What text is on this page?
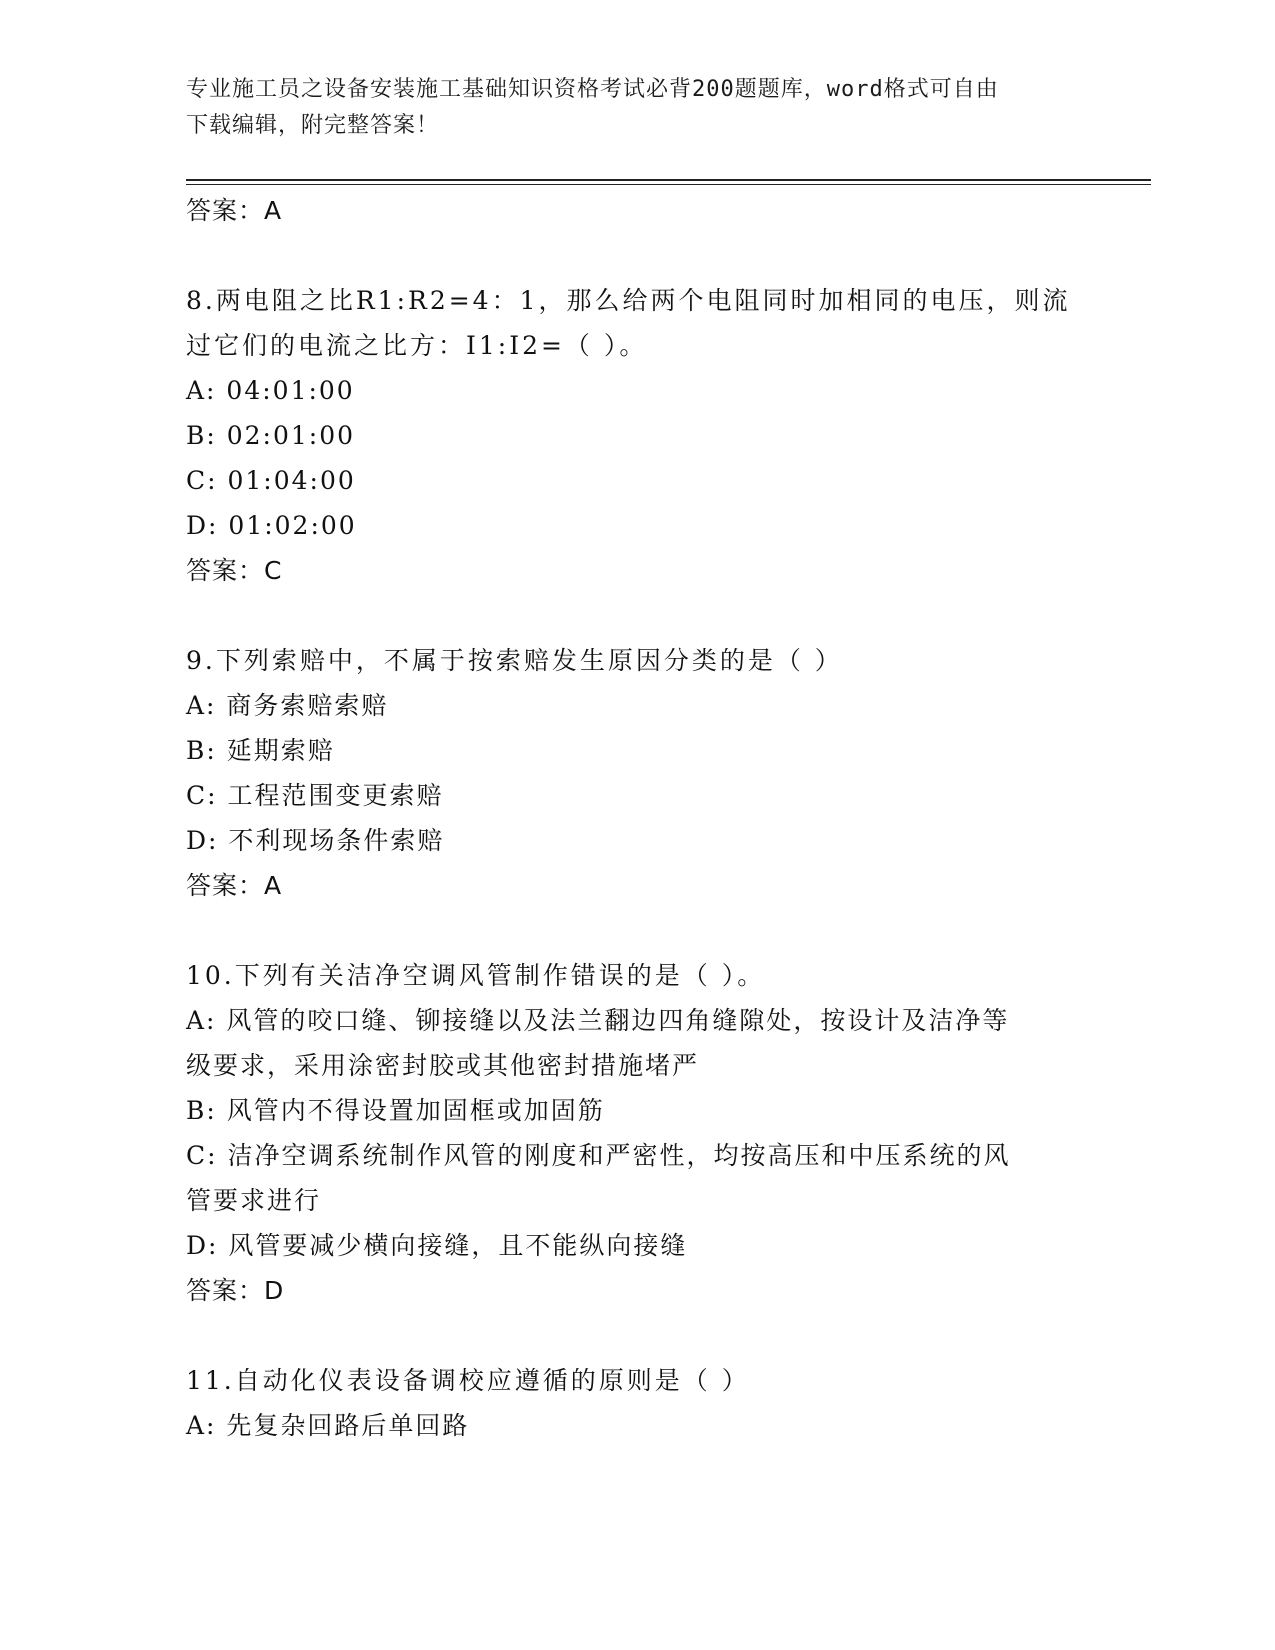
专业施工员之设备安装施工基础知识资格考试必背200题题库，word格式可自由
下载编辑，附完整答案！
答案：A
8.两电阻之比R1:R2=4：1，那么给两个电阻同时加相同的电压，则流
过它们的电流之比方：I1:I2=（ ）。
A: 04:01:00
B: 02:01:00
C: 01:04:00
D: 01:02:00
答案：C
9.下列索赔中，不属于按索赔发生原因分类的是（ ）
A: 商务索赔索赔
B: 延期索赔
C: 工程范围变更索赔
D: 不利现场条件索赔
答案：A
10.下列有关洁净空调风管制作错误的是（ ）。
A: 风管的咬口缝、铆接缝以及法兰翻边四角缝隙处，按设计及洁净等
级要求，采用涂密封胶或其他密封措施堵严
B: 风管内不得设置加固框或加固筋
C: 洁净空调系统制作风管的刚度和严密性，均按高压和中压系统的风
管要求进行
D: 风管要减少横向接缝，且不能纵向接缝
答案：D
11.自动化仪表设备调校应遵循的原则是（ ）
A: 先复杂回路后单回路
